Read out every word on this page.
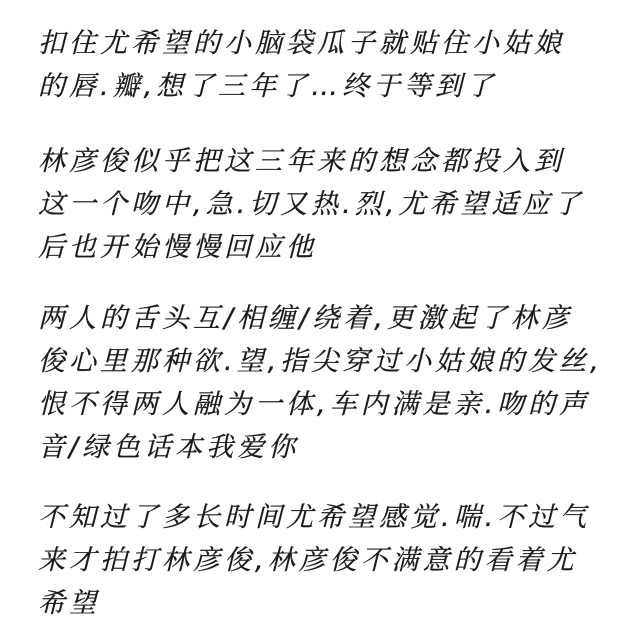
扣住尤希望的小脑袋瓜子就贴住小姑娘
的唇.瓣,想了三年了…终于等到了
林彦俊似乎把这三年来的想念都投入到
这一个吻中,急.切又热.烈,尤希望适应了
后也开始慢慢回应他
两人的舌头互/相缠/绕着,更激起了林彦
俊心里那种欲.望,指尖穿过小姑娘的发丝,
恨不得两人融为一体,车内满是亲.吻的声
音/绿色话本我爱你
不知过了多长时间尤希望感觉.喘.不过气
来才拍打林彦俊,林彦俊不满意的看着尤
希望
